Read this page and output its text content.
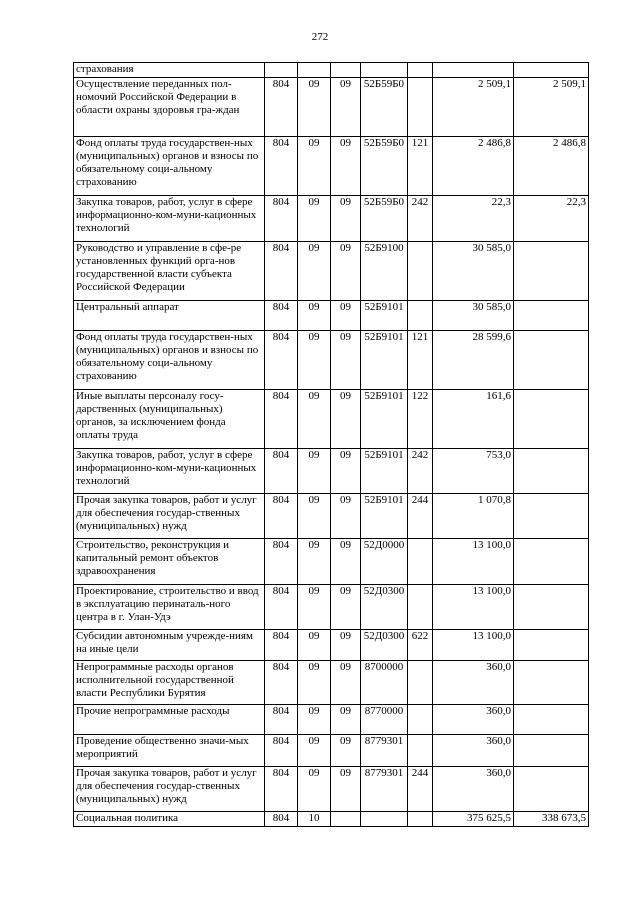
272
страхования							
Осуществление переданных пол-номочий Российской Федерации в области охраны здоровья гра-ждан	804	09	09	52Б59Б0		2 509,1	2 509,1
Фонд оплаты труда государствен-ных (муниципальных) органов и взносы по обязательному соци-альному страхованию	804	09	09	52Б59Б0	121	2 486,8	2 486,8
Закупка товаров, работ, услуг в сфере информационно-ком-муни-кационных технологий	804	09	09	52Б59Б0	242	22,3	22,3
Руководство и управление в сфе-ре установленных функций орга-нов государственной власти субъекта Российской Федерации	804	09	09	52Б9100		30 585,0	
Центральный аппарат	804	09	09	52Б9101		30 585,0	
Фонд оплаты труда государствен-ных (муниципальных) органов и взносы по обязательному соци-альному страхованию	804	09	09	52Б9101	121	28 599,6	
Иные выплаты персоналу госу-дарственных (муниципальных) органов, за исключением фонда оплаты труда	804	09	09	52Б9101	122	161,6	
Закупка товаров, работ, услуг в сфере информационно-ком-муни-кационных технологий	804	09	09	52Б9101	242	753,0	
Прочая закупка товаров, работ и услуг для обеспечения государ-ственных (муниципальных) нужд	804	09	09	52Б9101	244	1 070,8	
Строительство, реконструкция и капитальный ремонт объектов здравоохранения	804	09	09	52Д0000		13 100,0	
Проектирование, строительство и ввод в эксплуатацию перинаталь-ного центра в г. Улан-Удэ	804	09	09	52Д0300		13 100,0	
Субсидии автономным учрежде-ниям на иные цели	804	09	09	52Д0300	622	13 100,0	
Непрограммные расходы органов исполнительной государственной власти Республики Бурятия	804	09	09	8700000		360,0	
Прочие непрограммные расходы	804	09	09	8770000		360,0	
Проведение общественно значи-мых мероприятий	804	09	09	8779301		360,0	
Прочая закупка товаров, работ и услуг для обеспечения государ-ственных (муниципальных) нужд	804	09	09	8779301	244	360,0	
Социальная политика	804	10				375 625,5	338 673,5
